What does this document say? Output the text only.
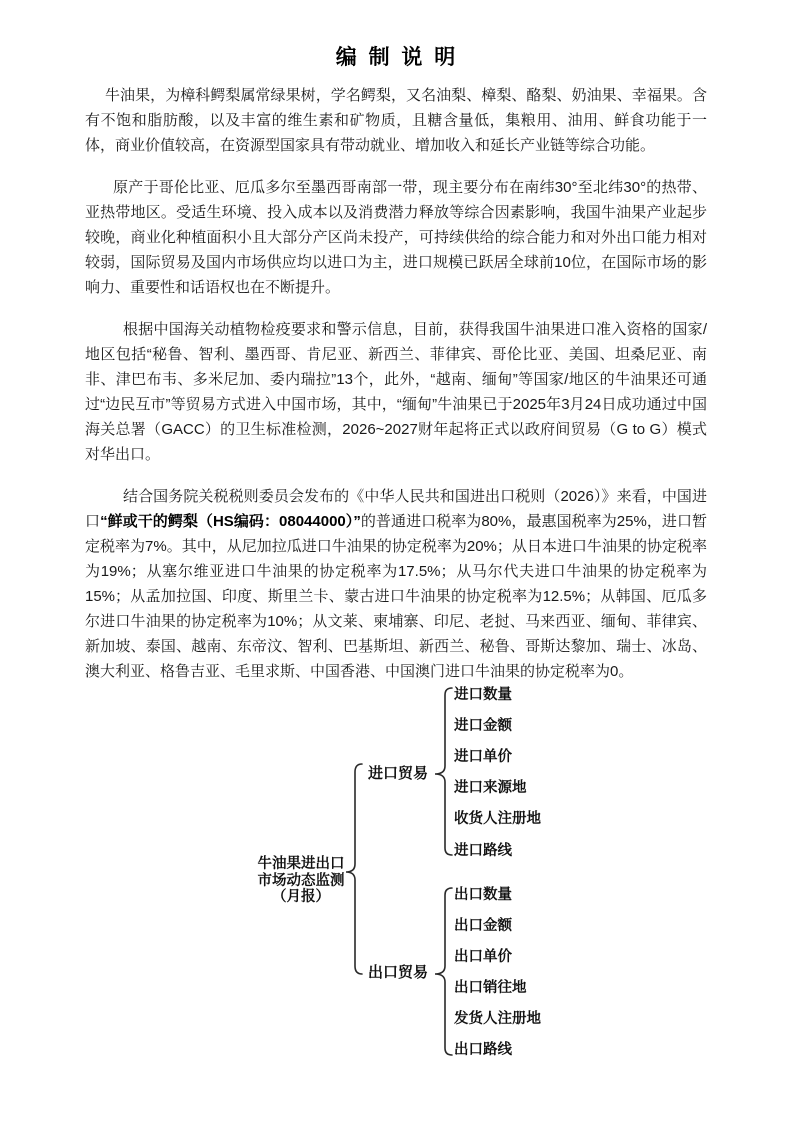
编 制 说 明

牛油果，为樟科鳄梨属常绿果树，学名鳄梨，又名油梨、樟梨、酪梨、奶油果、幸福果。含有不饱和脂肪酸，以及丰富的维生素和矿物质，且糖含量低，集粮用、油用、鲜食功能于一体，商业价值较高，在资源型国家具有带动就业、增加收入和延长产业链等综合功能。

原产于哥伦比亚、厄瓜多尔至墨西哥南部一带，现主要分布在南纬30°至北纬30°的热带、亚热带地区。受适生环境、投入成本以及消费潜力释放等综合因素影响，我国牛油果产业起步较晚，商业化种植面积小且大部分产区尚未投产，可持续供给的综合能力和对外出口能力相对较弱，国际贸易及国内市场供应均以进口为主，进口规模已跃居全球前10位，在国际市场的影响力、重要性和话语权也在不断提升。

根据中国海关动植物检疫要求和警示信息，目前，获得我国牛油果进口准入资格的国家/地区包括“秘鲁、智利、墨西哥、肯尼亚、新西兰、菲律宾、哥伦比亚、美国、坦桑尼亚、南非、津巴布韦、多米尼加、委内瑞拉”13个，此外，“越南、缅甸”等国家/地区的牛油果还可通过“边民互市”等贸易方式进入中国市场，其中，“缅甸”牛油果已于2025年3月24日成功通过中国海关总署（GACC）的卫生标准检测，2026~2027财年起将正式以政府间贸易（G to G）模式对华出口。

结合国务院关税税则委员会发布的《中华人民共和国进出口税则（2026）》来看，中国进口“鲜或干的鳄梨（HS编码：08044000）”的普通进口税率为80%，最惠国税率为25%，进口暂定税率为7%。其中，从尼加拉瓜进口牛油果的协定税率为20%；从日本进口牛油果的协定税率为19%；从塞尔维亚进口牛油果的协定税率为17.5%；从马尔代夫进口牛油果的协定税率为15%；从孟加拉国、印度、斯里兰卡、蒙古进口牛油果的协定税率为12.5%；从韩国、厄瓜多尔进口牛油果的协定税率为10%；从文莱、柬埔寨、印尼、老挝、马来西亚、缅甸、菲律宾、新加坡、泰国、越南、东帝汶、智利、巴基斯坦、新西兰、秘鲁、哥斯达黎加、瑞士、冰岛、澳大利亚、格鲁吉亚、毛里求斯、中国香港、中国澳门进口牛油果的协定税率为0。

牛油果进出口
市场动态监测
（月报）
进口贸易
进口数量
进口金额
进口单价
进口来源地
收货人注册地
进口路线
出口贸易
出口数量
出口金额
出口单价
出口销往地
发货人注册地
出口路线
